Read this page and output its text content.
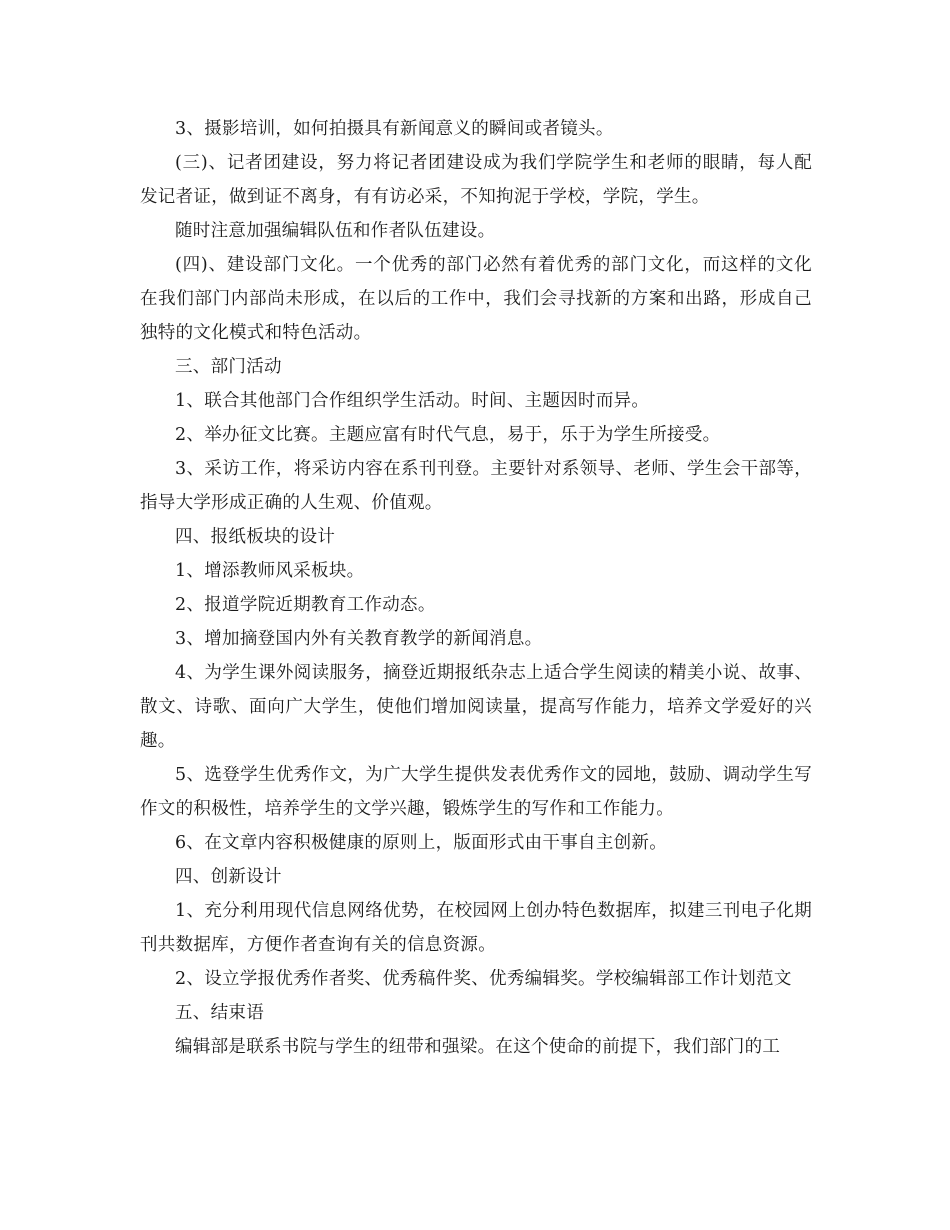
3、摄影培训，如何拍摄具有新闻意义的瞬间或者镜头。

(三)、记者团建设，努力将记者团建设成为我们学院学生和老师的眼睛，每人配发记者证，做到证不离身，有有访必采，不知拘泥于学校，学院，学生。

随时注意加强编辑队伍和作者队伍建设。

(四)、建设部门文化。一个优秀的部门必然有着优秀的部门文化，而这样的文化在我们部门内部尚未形成，在以后的工作中，我们会寻找新的方案和出路，形成自己独特的文化模式和特色活动。

三、部门活动

1、联合其他部门合作组织学生活动。时间、主题因时而异。

2、举办征文比赛。主题应富有时代气息，易于，乐于为学生所接受。

3、采访工作，将采访内容在系刊刊登。主要针对系领导、老师、学生会干部等，指导大学形成正确的人生观、价值观。

四、报纸板块的设计

1、增添教师风采板块。

2、报道学院近期教育工作动态。

3、增加摘登国内外有关教育教学的新闻消息。

4、为学生课外阅读服务，摘登近期报纸杂志上适合学生阅读的精美小说、故事、散文、诗歌、面向广大学生，使他们增加阅读量，提高写作能力，培养文学爱好的兴趣。

5、选登学生优秀作文，为广大学生提供发表优秀作文的园地，鼓励、调动学生写作文的积极性，培养学生的文学兴趣，锻炼学生的写作和工作能力。

6、在文章内容积极健康的原则上，版面形式由干事自主创新。

四、创新设计

1、充分利用现代信息网络优势，在校园网上创办特色数据库，拟建三刊电子化期刊共数据库，方便作者查询有关的信息资源。

2、设立学报优秀作者奖、优秀稿件奖、优秀编辑奖。学校编辑部工作计划范文

五、结束语

编辑部是联系书院与学生的纽带和强梁。在这个使命的前提下，我们部门的工
